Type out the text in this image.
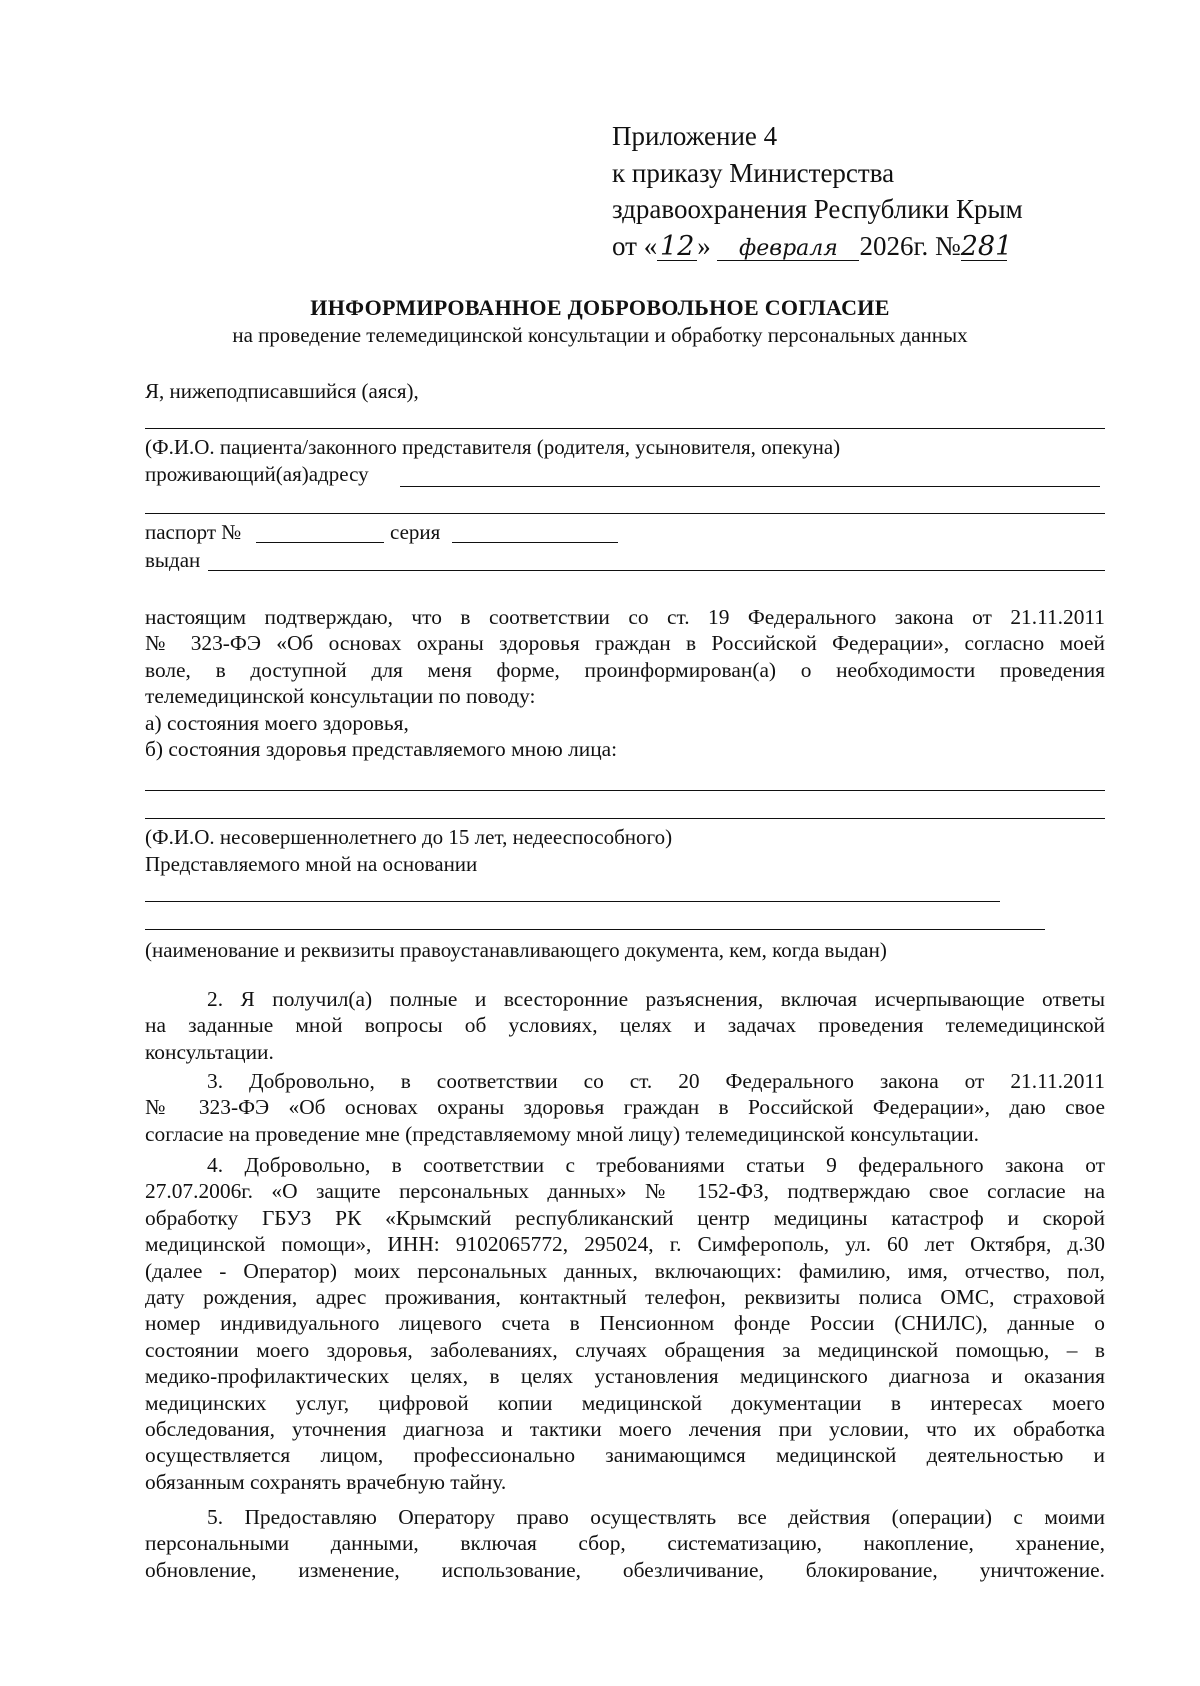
Приложение 4
к приказу Министерства
здравоохранения Республики Крым
от « 12 » февраля 2026г. №281
ИНФОРМИРОВАННОЕ ДОБРОВОЛЬНОЕ СОГЛАСИЕ
на проведение телемедицинской консультации и обработку персональных данных
Я, нижеподписавшийся (аяся),
(Ф.И.О. пациента/законного представителя (родителя, усыновителя, опекуна)
проживающий(ая)адресу
паспорт №	серия
выдан
настоящим подтверждаю, что в соответствии со ст. 19 Федерального закона от 21.11.2011
№ 323-ФЭ «Об основах охраны здоровья граждан в Российской Федерации», согласно моей
воле, в доступной для меня форме, проинформирован(а) о необходимости проведения
телемедицинской консультации по поводу:
а) состояния моего здоровья,
б) состояния здоровья представляемого мною лица:
(Ф.И.О. несовершеннолетнего до 15 лет, недееспособного)
Представляемого мной на основании
(наименование и реквизиты правоустанавливающего документа, кем, когда выдан)
2. Я получил(а) полные и всесторонние разъяснения, включая исчерпывающие ответы
на заданные мной вопросы об условиях, целях и задачах проведения телемедицинской
консультации.
3. Добровольно, в соответствии со ст. 20 Федерального закона от 21.11.2011
№ 323-ФЭ «Об основах охраны здоровья граждан в Российской Федерации», даю свое
согласие на проведение мне (представляемому мной лицу) телемедицинской консультации.
4. Добровольно, в соответствии с требованиями статьи 9 федерального закона от
27.07.2006г. «О защите персональных данных» № 152-ФЗ, подтверждаю свое согласие на
обработку ГБУЗ РК «Крымский республиканский центр медицины катастроф и скорой
медицинской помощи», ИНН: 9102065772, 295024, г. Симферополь, ул. 60 лет Октября, д.30
(далее - Оператор) моих персональных данных, включающих: фамилию, имя, отчество, пол,
дату рождения, адрес проживания, контактный телефон, реквизиты полиса ОМС, страховой
номер индивидуального лицевого счета в Пенсионном фонде России (СНИЛС), данные о
состоянии моего здоровья, заболеваниях, случаях обращения за медицинской помощью, – в
медико-профилактических целях, в целях установления медицинского диагноза и оказания
медицинских услуг, цифровой копии медицинской документации в интересах моего
обследования, уточнения диагноза и тактики моего лечения при условии, что их обработка
осуществляется лицом, профессионально занимающимся медицинской деятельностью и
обязанным сохранять врачебную тайну.
5. Предоставляю Оператору право осуществлять все действия (операции) с моими
персональными данными, включая сбор, систематизацию, накопление, хранение,
обновление, изменение, использование, обезличивание, блокирование, уничтожение.
